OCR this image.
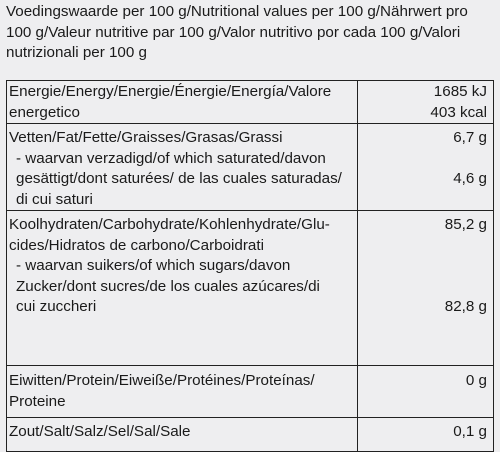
Voedingswaarde per 100 g/Nutritional values per 100 g/Nährwert pro
100 g/Valeur nutritive par 100 g/Valor nutritivo por cada 100 g/Valori
nutrizionali per 100 g
Energie/Energy/Energie/Énergie/Energía/Valore
energetico	1685 kJ
403 kcal

Vetten/Fat/Fette/Graisses/Grasas/Grassi
- waarvan verzadigd/of which saturated/davon
gesättigt/dont saturées/ de las cuales saturadas/
di cui saturi	6,7 g
4,6 g

Koolhydraten/Carbohydrate/Kohlenhydrate/Glu-
cides/Hidratos de carbono/Carboidrati
- waarvan suikers/of which sugars/davon
Zucker/dont sucres/de los cuales azúcares/di
cui zuccheri	85,2 g
82,8 g

Eiwitten/Protein/Eiweiße/Protéines/Proteínas/
Proteine	0 g

Zout/Salt/Salz/Sel/Sal/Sale	0,1 g
